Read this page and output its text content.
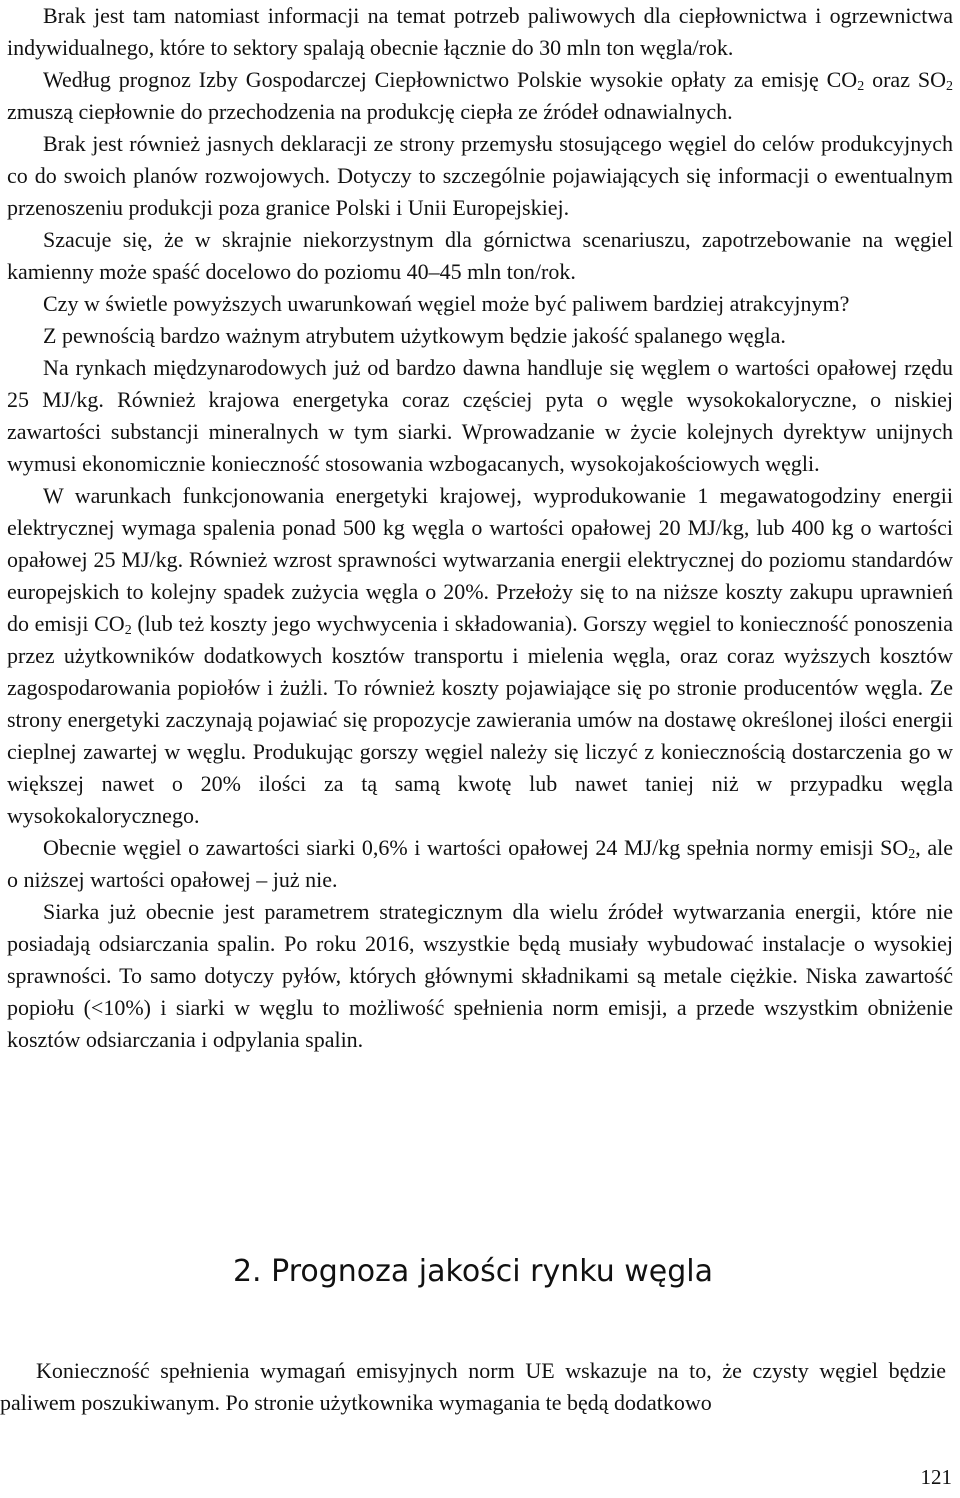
Brak jest tam natomiast informacji na temat potrzeb paliwowych dla ciepłownictwa i ogrzewnictwa indywidualnego, które to sektory spalają obecnie łącznie do 30 mln ton węgla/rok.

Według prognoz Izby Gospodarczej Ciepłownictwo Polskie wysokie opłaty za emisję $CO_2$ oraz $SO_2$ zmuszą ciepłownie do przechodzenia na produkcję ciepła ze źródeł odnawialnych.

Brak jest również jasnych deklaracji ze strony przemysłu stosującego węgiel do celów produkcyjnych co do swoich planów rozwojowych. Dotyczy to szczególnie pojawiających się informacji o ewentualnym przenoszeniu produkcji poza granice Polski i Unii Europejskiej.

Szacuje się, że w skrajnie niekorzystnym dla górnictwa scenariuszu, zapotrzebowanie na węgiel kamienny może spaść docelowo do poziomu 40–45 mln ton/rok.

Czy w świetle powyższych uwarunkowań węgiel może być paliwem bardziej atrakcyjnym?

Z pewnością bardzo ważnym atrybutem użytkowym będzie jakość spalanego węgla.

Na rynkach międzynarodowych już od bardzo dawna handluje się węglem o wartości opałowej rzędu 25 MJ/kg. Również krajowa energetyka coraz częściej pyta o węgle wysokokaloryczne, o niskiej zawartości substancji mineralnych w tym siarki. Wprowadzanie w życie kolejnych dyrektyw unijnych wymusi ekonomicznie konieczność stosowania wzbogacanych, wysokojakościowych węgli.

W warunkach funkcjonowania energetyki krajowej, wyprodukowanie 1 megawatogodziny energii elektrycznej wymaga spalenia ponad 500 kg węgla o wartości opałowej 20 MJ/kg, lub 400 kg o wartości opałowej 25 MJ/kg. Również wzrost sprawności wytwarzania energii elektrycznej do poziomu standardów europejskich to kolejny spadek zużycia węgla o 20%. Przełoży się to na niższe koszty zakupu uprawnień do emisji $CO_2$ (lub też koszty jego wychwycenia i składowania). Gorszy węgiel to konieczność ponoszenia przez użytkowników dodatkowych kosztów transportu i mielenia węgla, oraz coraz wyższych kosztów zagospodarowania popiołów i żużli. To również koszty pojawiające się po stronie producentów węgla. Ze strony energetyki zaczynają pojawiać się propozycje zawierania umów na dostawę określonej ilości energii cieplnej zawartej w węglu. Produkując gorszy węgiel należy się liczyć z koniecznością dostarczenia go w większej nawet o 20% ilości za tą samą kwotę lub nawet taniej niż w przypadku węgla wysokokalorycznego.

Obecnie węgiel o zawartości siarki 0,6% i wartości opałowej 24 MJ/kg spełnia normy emisji $SO_2$, ale o niższej wartości opałowej – już nie.

Siarka już obecnie jest parametrem strategicznym dla wielu źródeł wytwarzania energii, które nie posiadają odsiarczania spalin. Po roku 2016, wszystkie będą musiały wybudować instalacje o wysokiej sprawności. To samo dotyczy pyłów, których głównymi składnikami są metale ciężkie. Niska zawartość popiołu (<10%) i siarki w węglu to możliwość spełnienia norm emisji, a przede wszystkim obniżenie kosztów odsiarczania i odpylania spalin.

2. Prognoza jakości rynku węgla

Konieczność spełnienia wymagań emisyjnych norm UE wskazuje na to, że czysty węgiel będzie paliwem poszukiwanym. Po stronie użytkownika wymagania te będą dodatkowo

121
